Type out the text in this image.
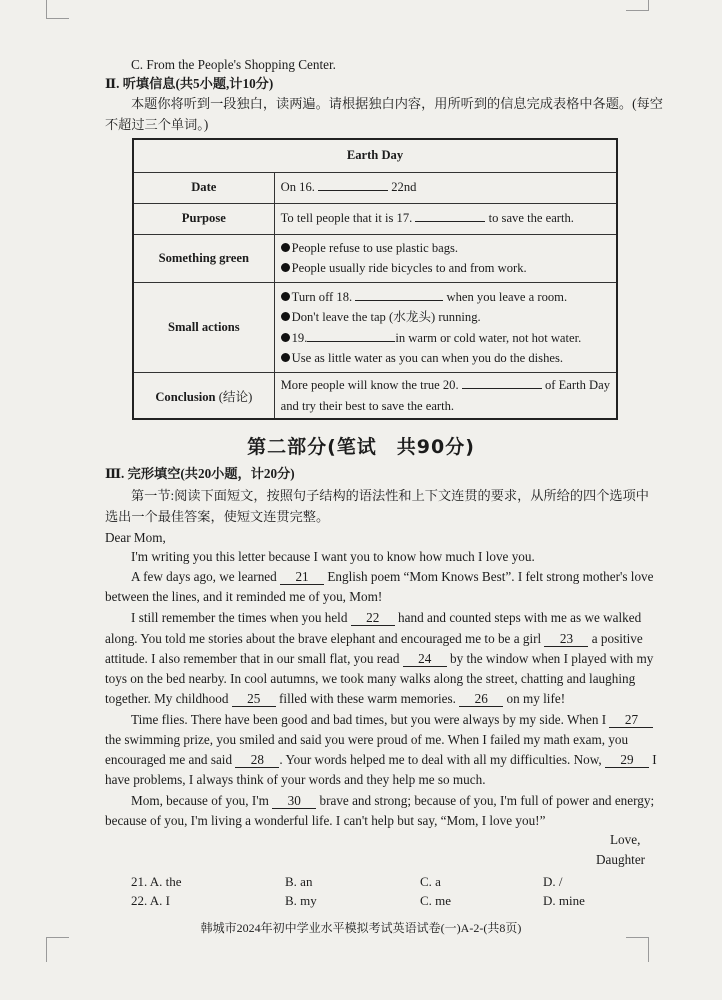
C. From the People's Shopping Center.
Ⅱ. 听填信息(共5小题,计10分)
本题你将听到一段独白，读两遍。请根据独白内容，用所听到的信息完成表格中各题。(每空
不超过三个单词。)
Earth Day	
Date	On 16. 22nd
Purpose	To tell people that it is 17. to save the earth.
Something green	People refuse to use plastic bags.
People usually ride bicycles to and from work.

Small actions	Turn off 18. when you leave a room.
Don't leave the tap (水龙头) running.
19. in warm or cold water, not hot water.
Use as little water as you can when you do the dishes.

Conclusion (结论)	More people will know the true 20. of Earth Day
and try their best to save the earth.
第二部分(笔试　共90分)
Ⅲ. 完形填空(共20小题，计20分)
第一节:阅读下面短文，按照句子结构的语法性和上下文连贯的要求，从所给的四个选项中
选出一个最佳答案，使短文连贯完整。
Dear Mom,
I'm writing you this letter because I want you to know how much I love you.
A few days ago, we learned 21 English poem “Mom Knows Best”. I felt strong mother's love
between the lines, and it reminded me of you, Mom!
I still remember the times when you held 22 hand and counted steps with me as we walked
along. You told me stories about the brave elephant and encouraged me to be a girl 23 a positive
attitude. I also remember that in our small flat, you read 24 by the window when I played with my
toys on the bed nearby. In cool autumns, we took many walks along the street, chatting and laughing
together. My childhood 25 filled with these warm memories. 26 on my life!
Time flies. There have been good and bad times, but you were always by my side. When I 27
the swimming prize, you smiled and said you were proud of me. When I failed my math exam, you
encouraged me and said 28 . Your words helped me to deal with all my difficulties. Now, 29 I
have problems, I always think of your words and they help me so much.
Mom, because of you, I'm 30 brave and strong; because of you, I'm full of power and energy;
because of you, I'm living a wonderful life. I can't help but say, “Mom, I love you!”
Love,
Daughter
21. A. the	B. an	C. a	D. /
22. A. I	B. my	C. me	D. mine
韩城市2024年初中学业水平模拟考试英语试卷(一)A-2-(共8页)
